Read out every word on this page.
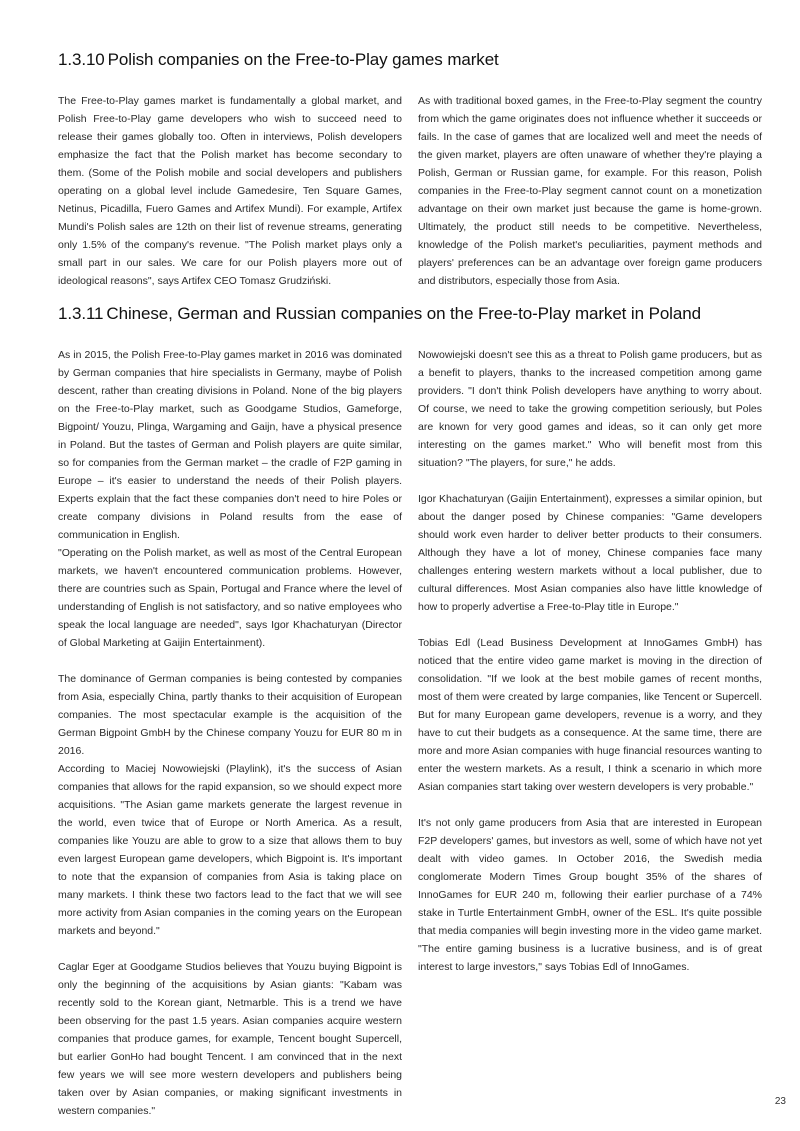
1.3.10 Polish companies on the Free-to-Play games market

The Free-to-Play games market is fundamentally a global market, and Polish Free-to-Play game developers who wish to succeed need to release their games globally too. Often in interviews, Polish developers emphasize the fact that the Polish market has become secondary to them. (Some of the Polish mobile and social developers and publishers operating on a global level include Gamedesire, Ten Square Games, Netinus, Picadilla, Fuero Games and Artifex Mundi). For example, Artifex Mundi's Polish sales are 12th on their list of revenue streams, generating only 1.5% of the company's revenue. "The Polish market plays only a small part in our sales. We care for our Polish players more out of ideological reasons", says Artifex CEO Tomasz Grudziński.

As with traditional boxed games, in the Free-to-Play segment the country from which the game originates does not influence whether it succeeds or fails. In the case of games that are localized well and meet the needs of the given market, players are often unaware of whether they're playing a Polish, German or Russian game, for example. For this reason, Polish companies in the Free-to-Play segment cannot count on a monetization advantage on their own market just because the game is home-grown. Ultimately, the product still needs to be competitive. Nevertheless, knowledge of the Polish market's peculiarities, payment methods and players' preferences can be an advantage over foreign game producers and distributors, especially those from Asia.

1.3.11 Chinese, German and Russian companies on the Free-to-Play market in Poland

As in 2015, the Polish Free-to-Play games market in 2016 was dominated by German companies that hire specialists in Germany, maybe of Polish descent, rather than creating divisions in Poland. None of the big players on the Free-to-Play market, such as Goodgame Studios, Gameforge, Bigpoint/ Youzu, Plinga, Wargaming and Gaijn, have a physical presence in Poland. But the tastes of German and Polish players are quite similar, so for companies from the German market – the cradle of F2P gaming in Europe – it's easier to understand the needs of their Polish players. Experts explain that the fact these companies don't need to hire Poles or create company divisions in Poland results from the ease of communication in English.

"Operating on the Polish market, as well as most of the Central European markets, we haven't encountered communication problems. However, there are countries such as Spain, Portugal and France where the level of understanding of English is not satisfactory, and so native employees who speak the local language are needed", says Igor Khachaturyan (Director of Global Marketing at Gaijin Entertainment).

The dominance of German companies is being contested by companies from Asia, especially China, partly thanks to their acquisition of European companies. The most spectacular example is the acquisition of the German Bigpoint GmbH by the Chinese company Youzu for EUR 80 m in 2016.

According to Maciej Nowowiejski (Playlink), it's the success of Asian companies that allows for the rapid expansion, so we should expect more acquisitions. "The Asian game markets generate the largest revenue in the world, even twice that of Europe or North America. As a result, companies like Youzu are able to grow to a size that allows them to buy even largest European game developers, which Bigpoint is. It's important to note that the expansion of companies from Asia is taking place on many markets. I think these two factors lead to the fact that we will see more activity from Asian companies in the coming years on the European markets and beyond."

Caglar Eger at Goodgame Studios believes that Youzu buying Bigpoint is only the beginning of the acquisitions by Asian giants: "Kabam was recently sold to the Korean giant, Netmarble. This is a trend we have been observing for the past 1.5 years. Asian companies acquire western companies that produce games, for example, Tencent bought Supercell, but earlier GonHo had bought Tencent. I am convinced that in the next few years we will see more western developers and publishers being taken over by Asian companies, or making significant investments in western companies."

Nowowiejski doesn't see this as a threat to Polish game producers, but as a benefit to players, thanks to the increased competition among game providers. "I don't think Polish developers have anything to worry about. Of course, we need to take the growing competition seriously, but Poles are known for very good games and ideas, so it can only get more interesting on the games market." Who will benefit most from this situation? "The players, for sure," he adds.

Igor Khachaturyan (Gaijin Entertainment), expresses a similar opinion, but about the danger posed by Chinese companies: "Game developers should work even harder to deliver better products to their consumers. Although they have a lot of money, Chinese companies face many challenges entering western markets without a local publisher, due to cultural differences. Most Asian companies also have little knowledge of how to properly advertise a Free-to-Play title in Europe."

Tobias Edl (Lead Business Development at InnoGames GmbH) has noticed that the entire video game market is moving in the direction of consolidation. "If we look at the best mobile games of recent months, most of them were created by large companies, like Tencent or Supercell. But for many European game developers, revenue is a worry, and they have to cut their budgets as a consequence. At the same time, there are more and more Asian companies with huge financial resources wanting to enter the western markets. As a result, I think a scenario in which more Asian companies start taking over western developers is very probable."

It's not only game producers from Asia that are interested in European F2P developers' games, but investors as well, some of which have not yet dealt with video games. In October 2016, the Swedish media conglomerate Modern Times Group bought 35% of the shares of InnoGames for EUR 240 m, following their earlier purchase of a 74% stake in Turtle Entertainment GmbH, owner of the ESL. It's quite possible that media companies will begin investing more in the video game market. "The entire gaming business is a lucrative business, and is of great interest to large investors," says Tobias Edl of InnoGames.

23
